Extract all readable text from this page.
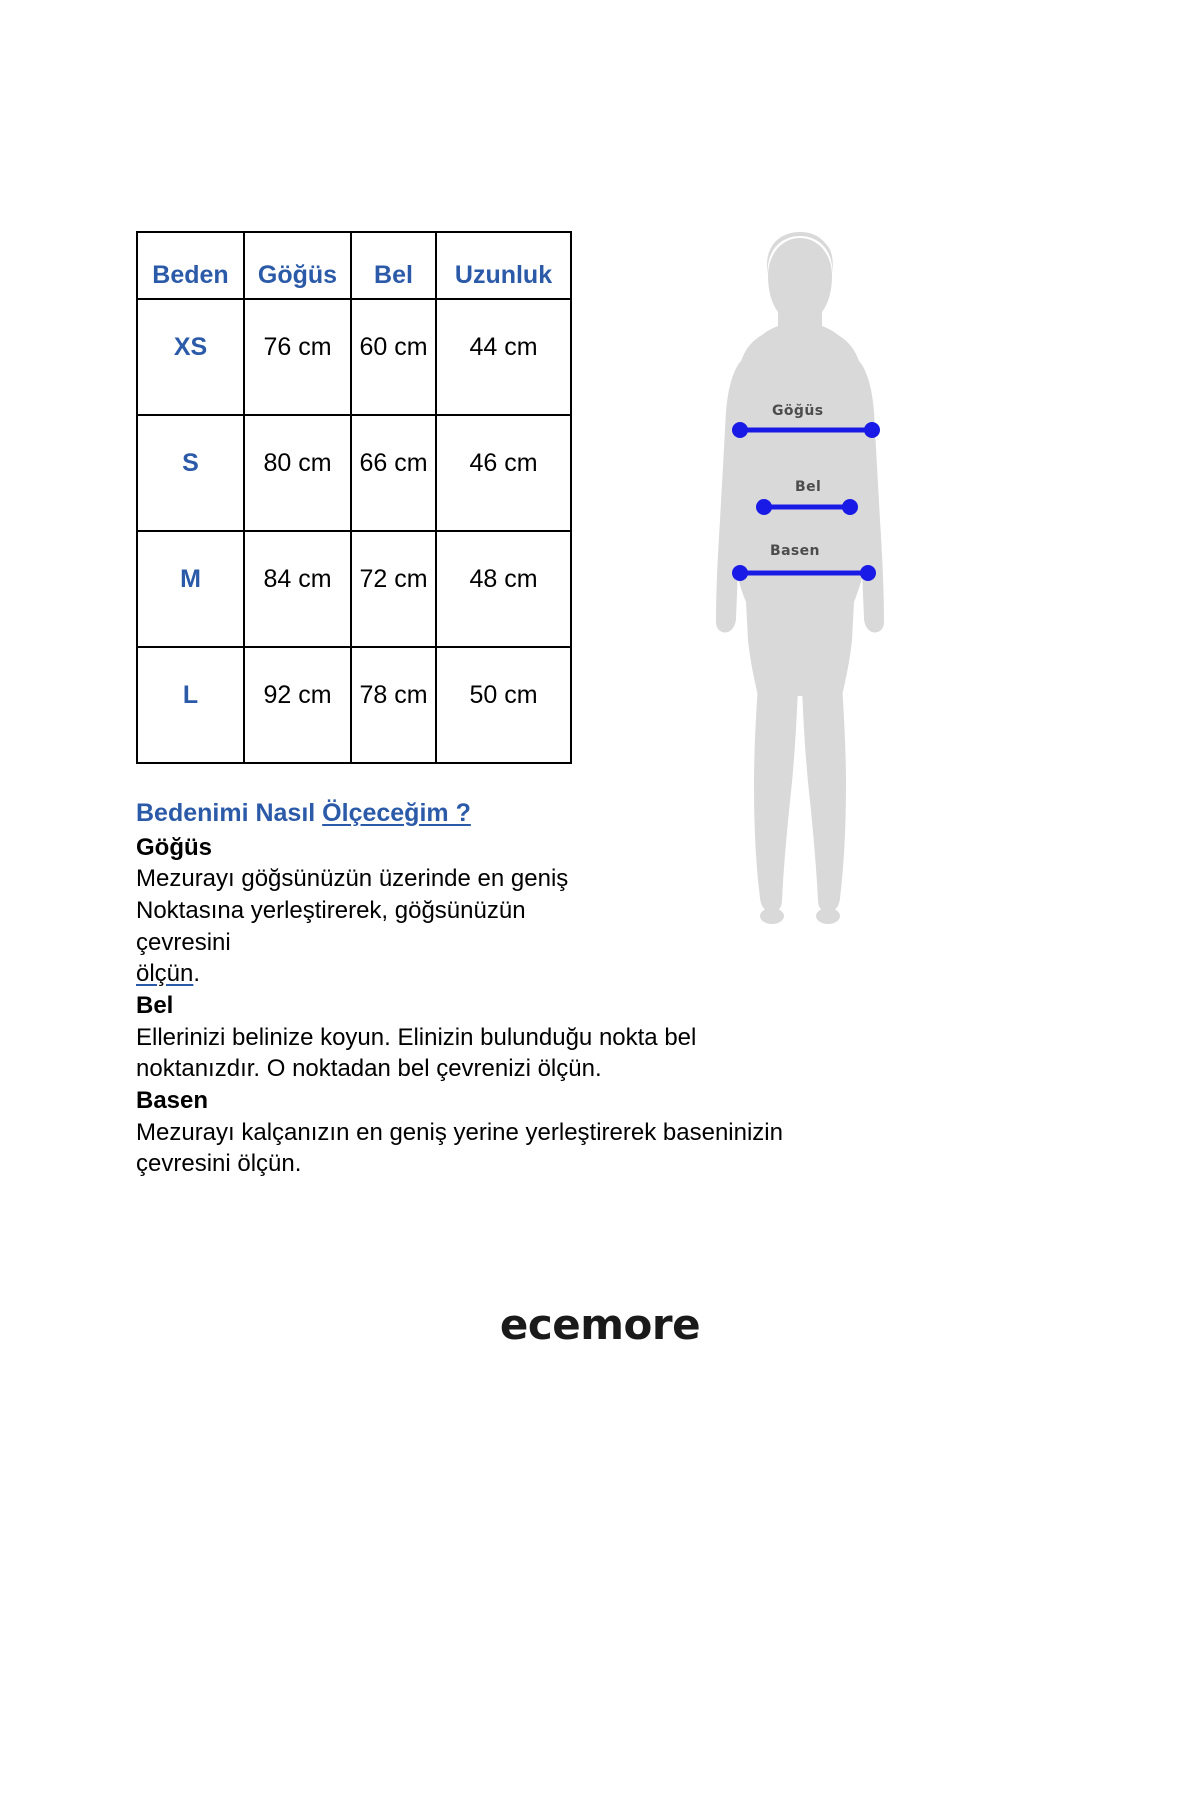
Beden	Göğüs	Bel	Uzunluk
XS	76 cm	60 cm	44 cm
S	80 cm	66 cm	46 cm
M	84 cm	72 cm	48 cm
L	92 cm	78 cm	50 cm
Bedenimi Nasıl Ölçeceğim ?
Göğüs
Mezurayı göğsünüzün üzerinde en geniş
Noktasına yerleştirerek, göğsünüzün
çevresini
ölçün.
Bel
Ellerinizi belinize koyun. Elinizin bulunduğu nokta bel
noktanızdır. O noktadan bel çevrenizi ölçün.
Basen
Mezurayı kalçanızın en geniş yerine yerleştirerek baseninizin
çevresini ölçün.
Göğüs
Bel
Basen
ecemore
